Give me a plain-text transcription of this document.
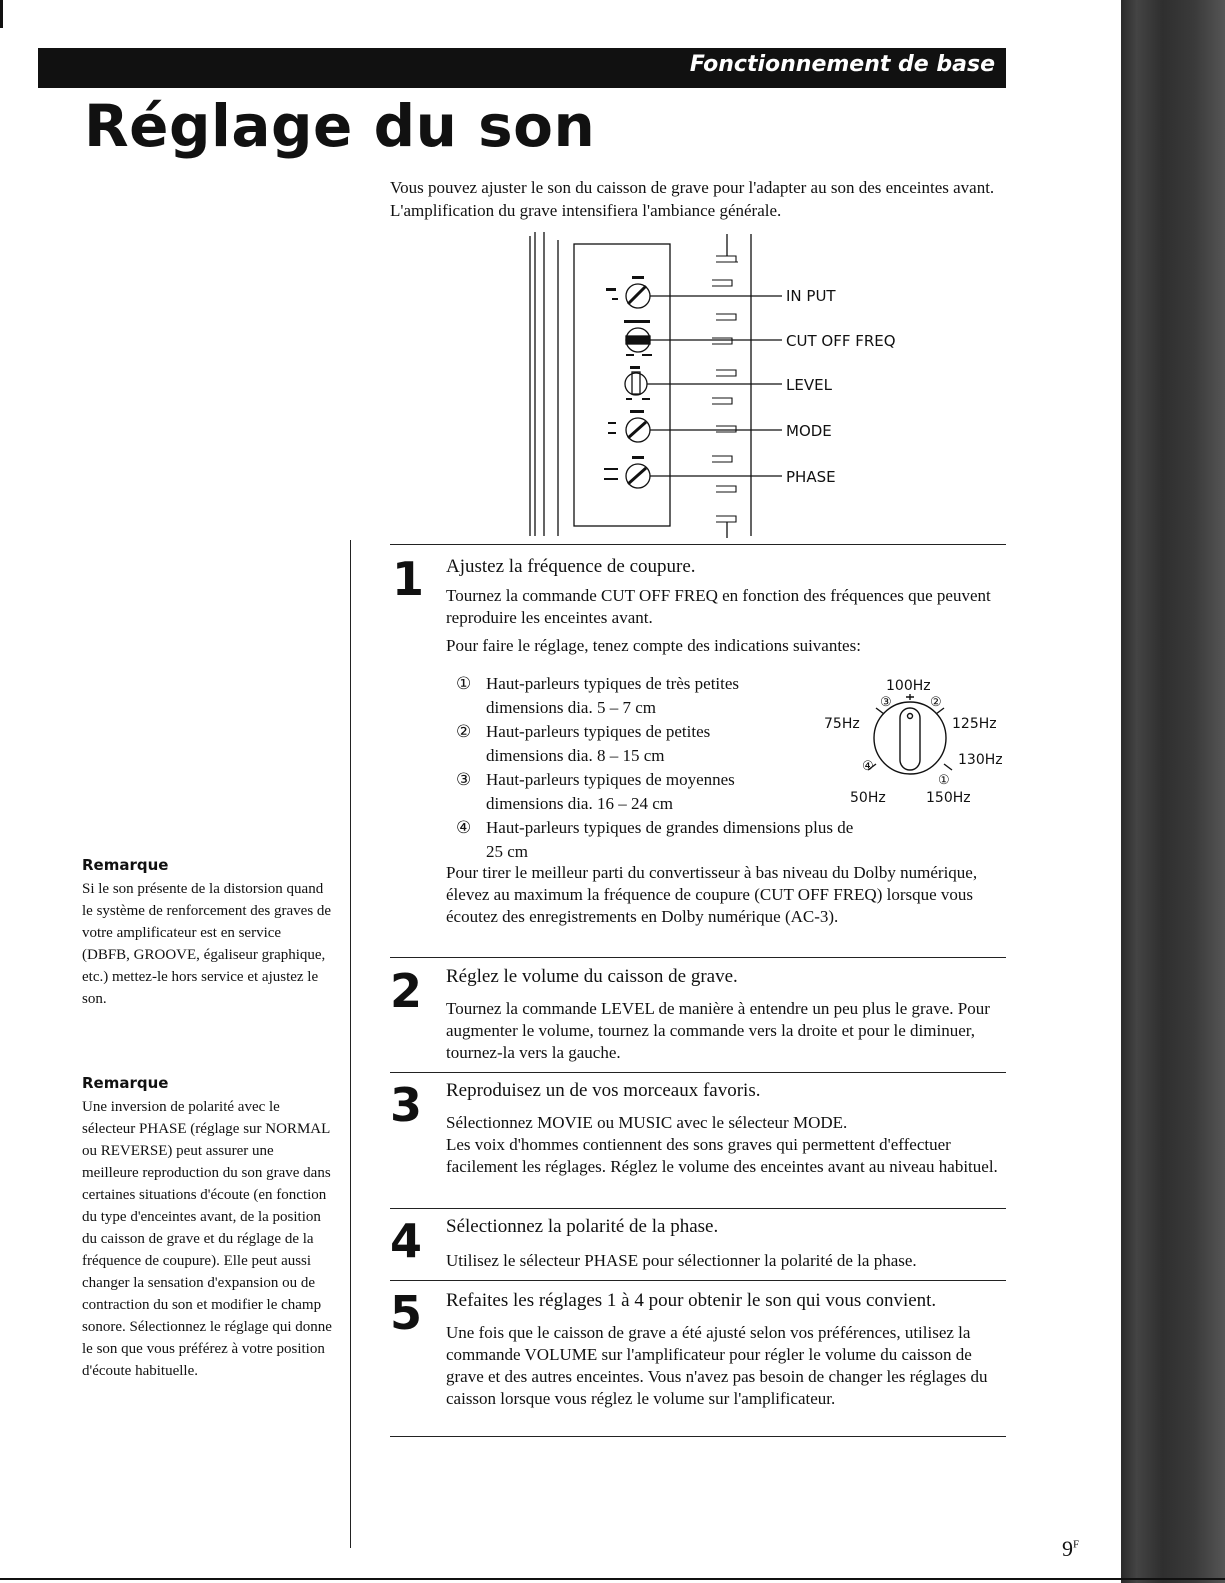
Fonctionnement de base
Réglage du son
Vous pouvez ajuster le son du caisson de grave pour l'adapter au son des enceintes avant. L'amplification du grave intensifiera l'ambiance générale.
IN PUT
CUT OFF FREQ
LEVEL
MODE
PHASE
Remarque
Si le son présente de la distorsion quand le système de renforcement des graves de votre amplificateur est en service (DBFB, GROOVE, égaliseur graphique, etc.) mettez-le hors service et ajustez le son.
Remarque
Une inversion de polarité avec le sélecteur PHASE (réglage sur NORMAL ou REVERSE) peut assurer une meilleure reproduction du son grave dans certaines situations d'écoute (en fonction du type d'enceintes avant, de la position du caisson de grave et du réglage de la fréquence de coupure). Elle peut aussi changer la sensation d'expansion ou de contraction du son et modifier le champ sonore. Sélectionnez le réglage qui donne le son que vous préférez à votre position d'écoute habituelle.
1 Ajustez la fréquence de coupure.
Tournez la commande CUT OFF FREQ en fonction des fréquences que peuvent reproduire les enceintes avant.
Pour faire le réglage, tenez compte des indications suivantes:
① Haut-parleurs typiques de très petites dimensions dia. 5 – 7 cm
② Haut-parleurs typiques de petites dimensions dia. 8 – 15 cm
③ Haut-parleurs typiques de moyennes dimensions dia. 16 – 24 cm
④ Haut-parleurs typiques de grandes dimensions plus de 25 cm
Pour tirer le meilleur parti du convertisseur à bas niveau du Dolby numérique, élevez au maximum la fréquence de coupure (CUT OFF FREQ) lorsque vous écoutez des enregistrements en Dolby numérique (AC-3).
100Hz
75Hz	125Hz
130Hz
50Hz	150Hz
①
②
③
④
2 Réglez le volume du caisson de grave.
Tournez la commande LEVEL de manière à entendre un peu plus le grave. Pour augmenter le volume, tournez la commande vers la droite et pour le diminuer, tournez-la vers la gauche.
3 Reproduisez un de vos morceaux favoris.
Sélectionnez MOVIE ou MUSIC avec le sélecteur MODE.
Les voix d'hommes contiennent des sons graves qui permettent d'effectuer facilement les réglages. Réglez le volume des enceintes avant au niveau habituel.
4 Sélectionnez la polarité de la phase.
Utilisez le sélecteur PHASE pour sélectionner la polarité de la phase.
5 Refaites les réglages 1 à 4 pour obtenir le son qui vous convient.
Une fois que le caisson de grave a été ajusté selon vos préférences, utilisez la commande VOLUME sur l'amplificateur pour régler le volume du caisson de grave et des autres enceintes. Vous n'avez pas besoin de changer les réglages du caisson lorsque vous réglez le volume sur l'amplificateur.
$9^F$
